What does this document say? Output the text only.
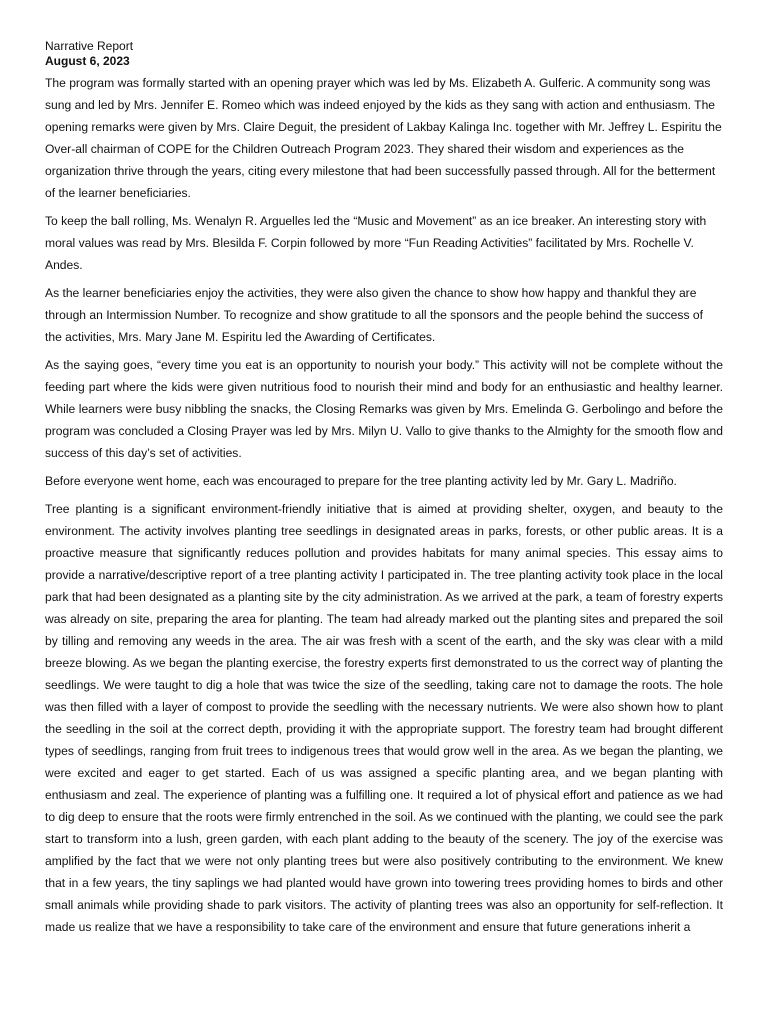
Narrative Report
August 6, 2023

The program was formally started with an opening prayer which was led by Ms. Elizabeth A. Gulferic. A community song was sung and led by Mrs. Jennifer E. Romeo which was indeed enjoyed by the kids as they sang with action and enthusiasm. The opening remarks were given by Mrs. Claire Deguit, the president of Lakbay Kalinga Inc. together with Mr. Jeffrey L. Espiritu the Over-all chairman of COPE for the Children Outreach Program 2023. They shared their wisdom and experiences as the organization thrive through the years, citing every milestone that had been successfully passed through. All for the betterment of the learner beneficiaries.

To keep the ball rolling, Ms. Wenalyn R. Arguelles led the “Music and Movement” as an ice breaker. An interesting story with moral values was read by Mrs. Blesilda F. Corpin followed by more “Fun Reading Activities” facilitated by Mrs. Rochelle V. Andes.

As the learner beneficiaries enjoy the activities, they were also given the chance to show how happy and thankful they are through an Intermission Number. To recognize and show gratitude to all the sponsors and the people behind the success of the activities, Mrs. Mary Jane M. Espiritu led the Awarding of Certificates.

As the saying goes, “every time you eat is an opportunity to nourish your body.” This activity will not be complete without the feeding part where the kids were given nutritious food to nourish their mind and body for an enthusiastic and healthy learner. While learners were busy nibbling the snacks, the Closing Remarks was given by Mrs. Emelinda G. Gerbolingo and before the program was concluded a Closing Prayer was led by Mrs. Milyn U. Vallo to give thanks to the Almighty for the smooth flow and success of this day’s set of activities.

Before everyone went home, each was encouraged to prepare for the tree planting activity led by Mr. Gary L. Madriño.

Tree planting is a significant environment-friendly initiative that is aimed at providing shelter, oxygen, and beauty to the environment. The activity involves planting tree seedlings in designated areas in parks, forests, or other public areas. It is a proactive measure that significantly reduces pollution and provides habitats for many animal species. This essay aims to provide a narrative/descriptive report of a tree planting activity I participated in. The tree planting activity took place in the local park that had been designated as a planting site by the city administration. As we arrived at the park, a team of forestry experts was already on site, preparing the area for planting. The team had already marked out the planting sites and prepared the soil by tilling and removing any weeds in the area. The air was fresh with a scent of the earth, and the sky was clear with a mild breeze blowing. As we began the planting exercise, the forestry experts first demonstrated to us the correct way of planting the seedlings. We were taught to dig a hole that was twice the size of the seedling, taking care not to damage the roots. The hole was then filled with a layer of compost to provide the seedling with the necessary nutrients. We were also shown how to plant the seedling in the soil at the correct depth, providing it with the appropriate support. The forestry team had brought different types of seedlings, ranging from fruit trees to indigenous trees that would grow well in the area. As we began the planting, we were excited and eager to get started. Each of us was assigned a specific planting area, and we began planting with enthusiasm and zeal. The experience of planting was a fulfilling one. It required a lot of physical effort and patience as we had to dig deep to ensure that the roots were firmly entrenched in the soil. As we continued with the planting, we could see the park start to transform into a lush, green garden, with each plant adding to the beauty of the scenery. The joy of the exercise was amplified by the fact that we were not only planting trees but were also positively contributing to the environment. We knew that in a few years, the tiny saplings we had planted would have grown into towering trees providing homes to birds and other small animals while providing shade to park visitors. The activity of planting trees was also an opportunity for self-reflection. It made us realize that we have a responsibility to take care of the environment and ensure that future generations inherit a
